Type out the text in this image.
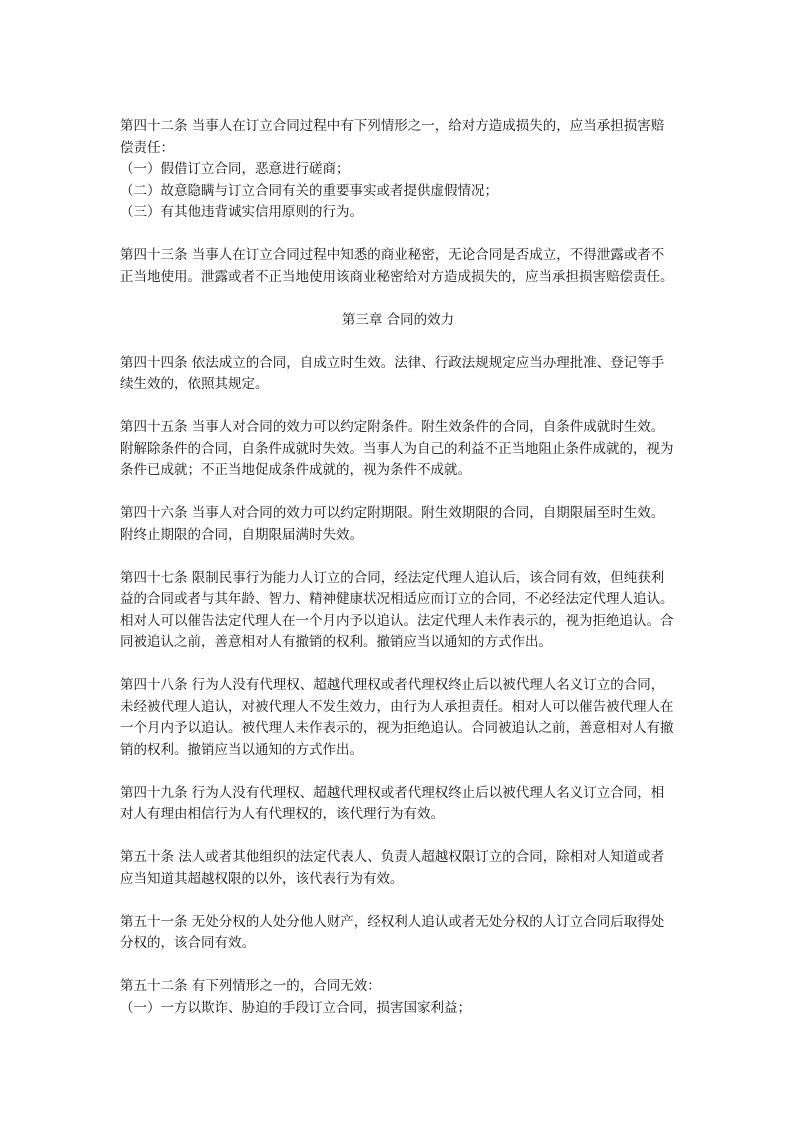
第四十二条 当事人在订立合同过程中有下列情形之一，给对方造成损失的，应当承担损害赔偿责任：

（一）假借订立合同，恶意进行磋商；

（二）故意隐瞒与订立合同有关的重要事实或者提供虚假情况；

（三）有其他违背诚实信用原则的行为。

第四十三条 当事人在订立合同过程中知悉的商业秘密，无论合同是否成立，不得泄露或者不正当地使用。泄露或者不正当地使用该商业秘密给对方造成损失的，应当承担损害赔偿责任。

第三章 合同的效力

第四十四条 依法成立的合同，自成立时生效。法律、行政法规规定应当办理批准、登记等手续生效的，依照其规定。

第四十五条 当事人对合同的效力可以约定附条件。附生效条件的合同，自条件成就时生效。附解除条件的合同，自条件成就时失效。当事人为自己的利益不正当地阻止条件成就的，视为条件已成就；不正当地促成条件成就的，视为条件不成就。

第四十六条 当事人对合同的效力可以约定附期限。附生效期限的合同，自期限届至时生效。附终止期限的合同，自期限届满时失效。

第四十七条 限制民事行为能力人订立的合同，经法定代理人追认后，该合同有效，但纯获利益的合同或者与其年龄、智力、精神健康状况相适应而订立的合同，不必经法定代理人追认。相对人可以催告法定代理人在一个月内予以追认。法定代理人未作表示的，视为拒绝追认。合同被追认之前，善意相对人有撤销的权利。撤销应当以通知的方式作出。

第四十八条 行为人没有代理权、超越代理权或者代理权终止后以被代理人名义订立的合同，未经被代理人追认，对被代理人不发生效力，由行为人承担责任。相对人可以催告被代理人在一个月内予以追认。被代理人未作表示的，视为拒绝追认。合同被追认之前，善意相对人有撤销的权利。撤销应当以通知的方式作出。

第四十九条 行为人没有代理权、超越代理权或者代理权终止后以被代理人名义订立合同，相对人有理由相信行为人有代理权的，该代理行为有效。

第五十条 法人或者其他组织的法定代表人、负责人超越权限订立的合同，除相对人知道或者应当知道其超越权限的以外，该代表行为有效。

第五十一条 无处分权的人处分他人财产，经权利人追认或者无处分权的人订立合同后取得处分权的，该合同有效。

第五十二条 有下列情形之一的，合同无效：

（一）一方以欺诈、胁迫的手段订立合同，损害国家利益；
